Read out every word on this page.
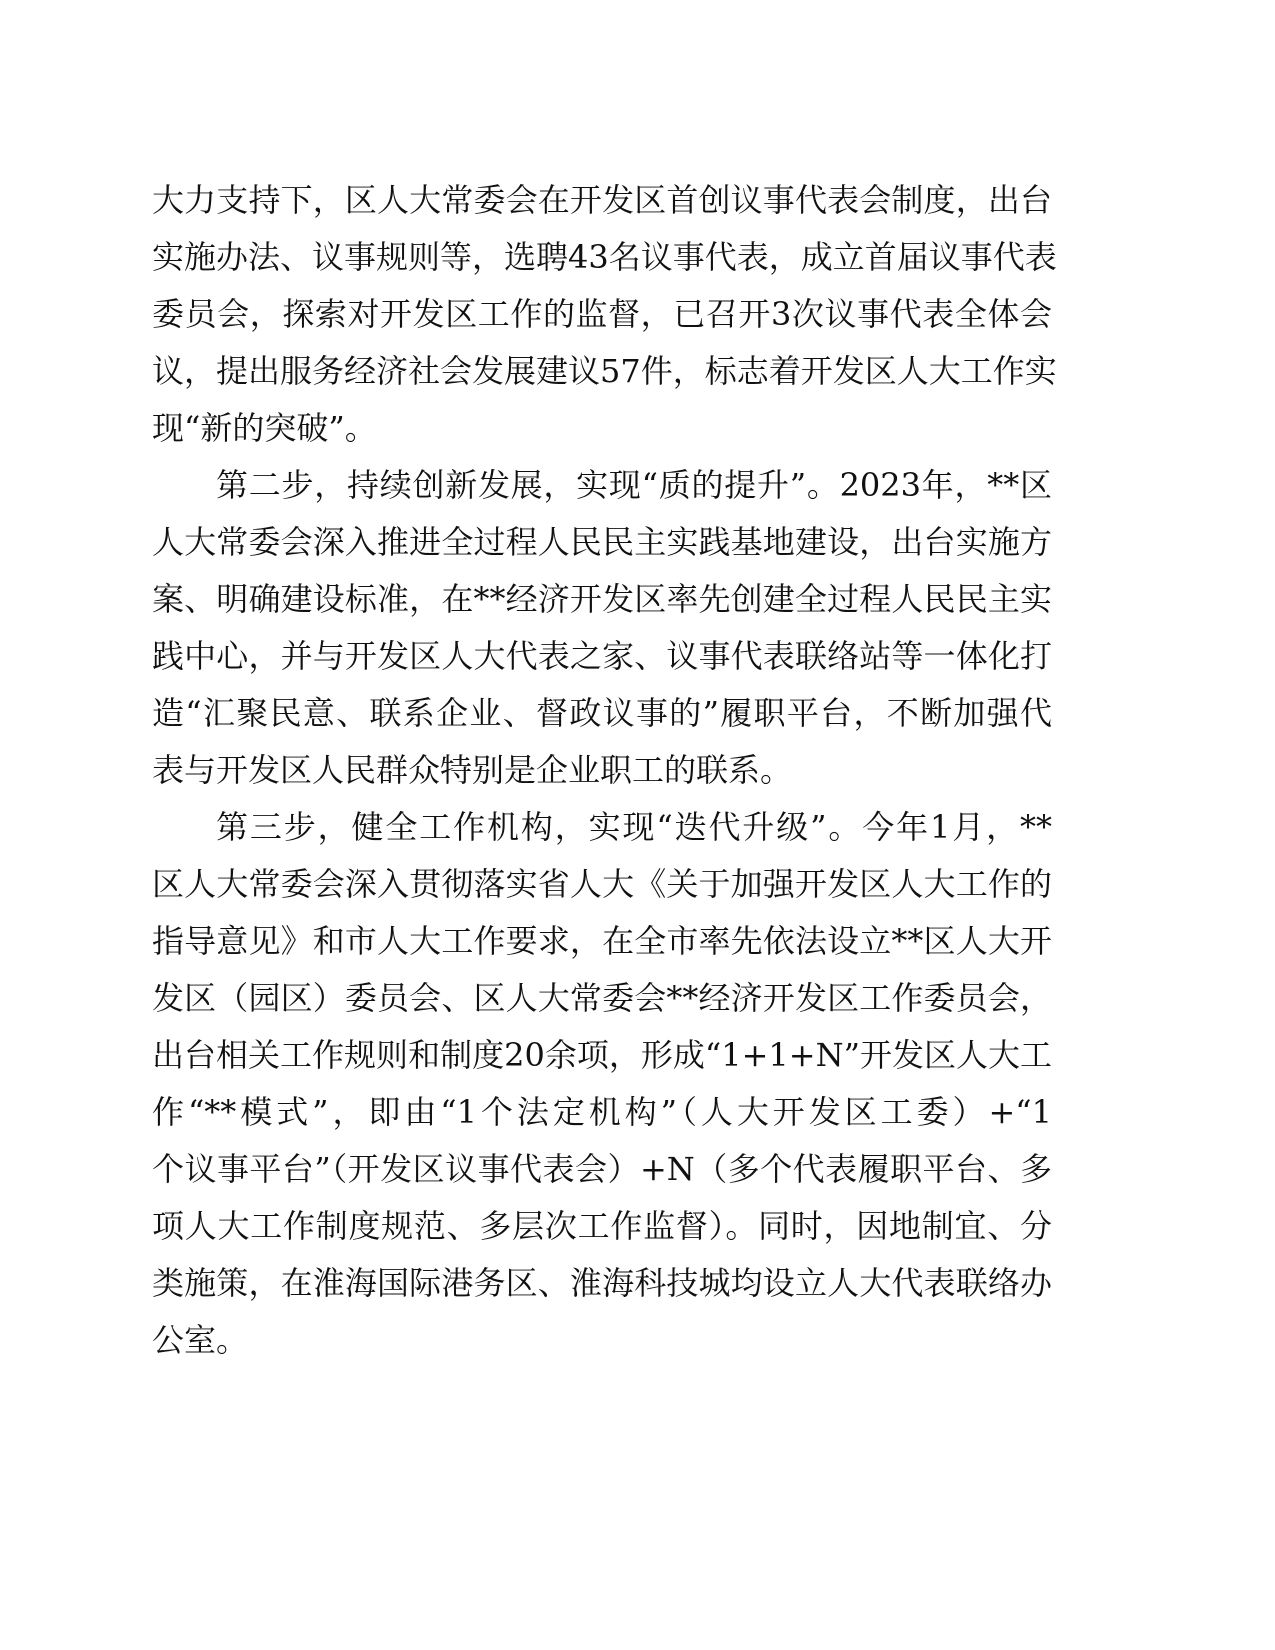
大力支持下，区人大常委会在开发区首创议事代表会制度，出台
实施办法、议事规则等，选聘43名议事代表，成立首届议事代表
委员会，探索对开发区工作的监督，已召开3次议事代表全体会
议，提出服务经济社会发展建议57件，标志着开发区人大工作实
现“新的突破”。
第二步，持续创新发展，实现“质的提升”。2023年，**区
人大常委会深入推进全过程人民民主实践基地建设，出台实施方
案、明确建设标准，在**经济开发区率先创建全过程人民民主实
践中心，并与开发区人大代表之家、议事代表联络站等一体化打
造“汇聚民意、联系企业、督政议事的”履职平台，不断加强代
表与开发区人民群众特别是企业职工的联系。
第三步，健全工作机构，实现“迭代升级”。今年1月，**
区人大常委会深入贯彻落实省人大《关于加强开发区人大工作的
指导意见》和市人大工作要求，在全市率先依法设立**区人大开
发区（园区）委员会、区人大常委会**经济开发区工作委员会，
出台相关工作规则和制度20余项，形成“1+1+N”开发区人大工
作“**模式”，即由“1个法定机构”（人大开发区工委）+“1
个议事平台”（开发区议事代表会）+N（多个代表履职平台、多
项人大工作制度规范、多层次工作监督）。同时，因地制宜、分
类施策，在淮海国际港务区、淮海科技城均设立人大代表联络办
公室。
